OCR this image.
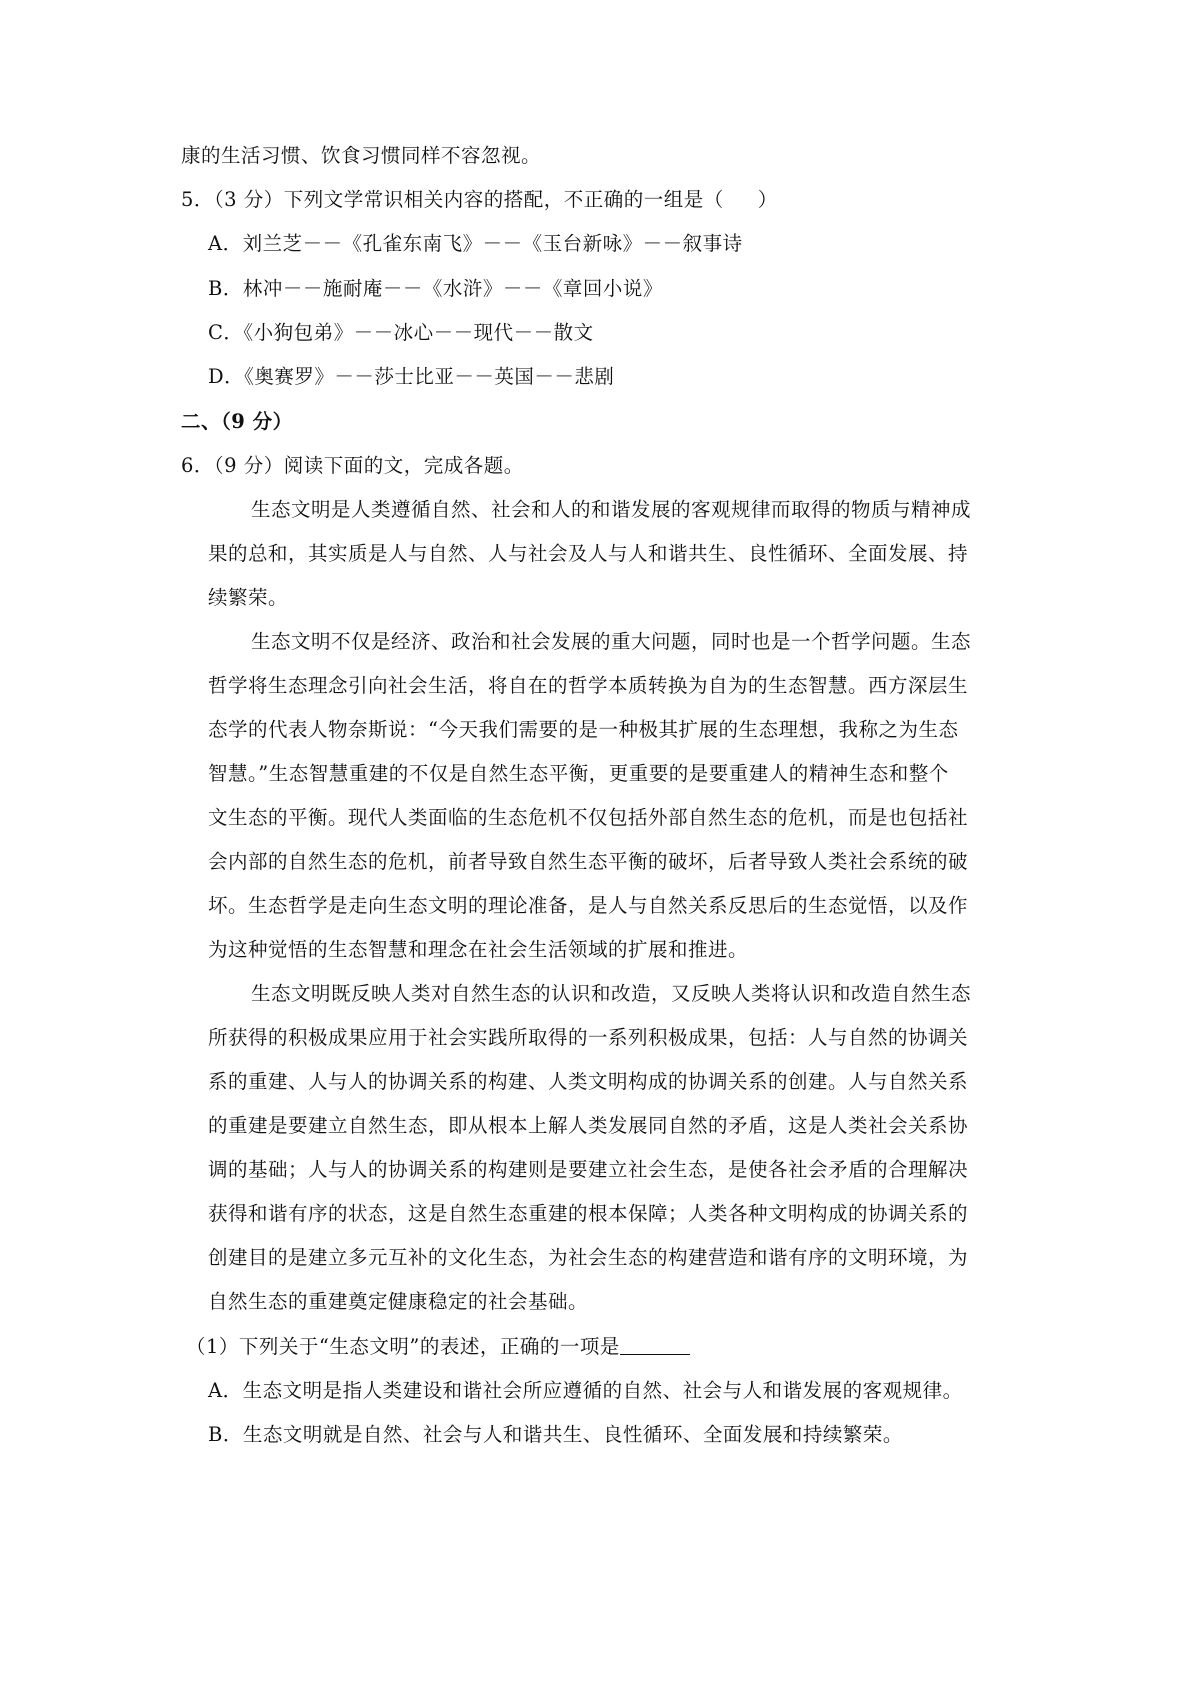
康的生活习惯、饮食习惯同样不容忽视。
5．（3 分）下列文学常识相关内容的搭配，不正确的一组是（ ）
A．刘兰芝－－《孔雀东南飞》－－《玉台新咏》－－叙事诗
B．林冲－－施耐庵－－《水浒》－－《章回小说》
C．《小狗包弟》－－冰心－－现代－－散文
D．《奥赛罗》－－莎士比亚－－英国－－悲剧
二、（9 分）
6．（9 分）阅读下面的文，完成各题。
生态文明是人类遵循自然、社会和人的和谐发展的客观规律而取得的物质与精神成
果的总和，其实质是人与自然、人与社会及人与人和谐共生、良性循环、全面发展、持
续繁荣。
生态文明不仅是经济、政治和社会发展的重大问题，同时也是一个哲学问题。生态
哲学将生态理念引向社会生活，将自在的哲学本质转换为自为的生态智慧。西方深层生
态学的代表人物奈斯说：“今天我们需要的是一种极其扩展的生态理想，我称之为生态
智慧。”生态智慧重建的不仅是自然生态平衡，更重要的是要重建人的精神生态和整个
文生态的平衡。现代人类面临的生态危机不仅包括外部自然生态的危机，而是也包括社
会内部的自然生态的危机，前者导致自然生态平衡的破坏，后者导致人类社会系统的破
坏。生态哲学是走向生态文明的理论准备，是人与自然关系反思后的生态觉悟，以及作
为这种觉悟的生态智慧和理念在社会生活领域的扩展和推进。
生态文明既反映人类对自然生态的认识和改造，又反映人类将认识和改造自然生态
所获得的积极成果应用于社会实践所取得的一系列积极成果，包括：人与自然的协调关
系的重建、人与人的协调关系的构建、人类文明构成的协调关系的创建。人与自然关系
的重建是要建立自然生态，即从根本上解人类发展同自然的矛盾，这是人类社会关系协
调的基础；人与人的协调关系的构建则是要建立社会生态，是使各社会矛盾的合理解决
获得和谐有序的状态，这是自然生态重建的根本保障；人类各种文明构成的协调关系的
创建目的是建立多元互补的文化生态，为社会生态的构建营造和谐有序的文明环境，为
自然生态的重建奠定健康稳定的社会基础。
（1）下列关于“生态文明”的表述，正确的一项是
A．生态文明是指人类建设和谐社会所应遵循的自然、社会与人和谐发展的客观规律。
B．生态文明就是自然、社会与人和谐共生、良性循环、全面发展和持续繁荣。
